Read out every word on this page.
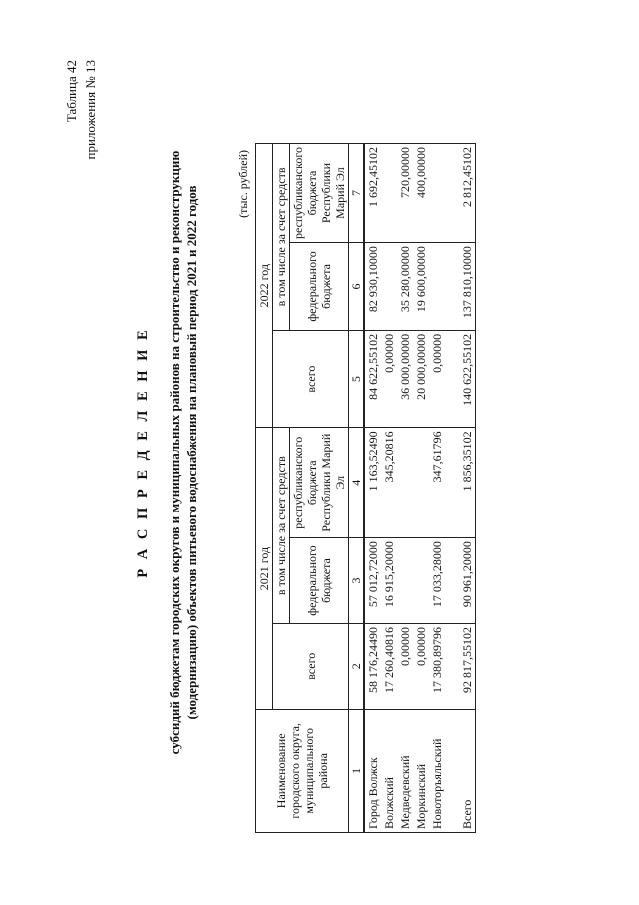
Таблица 42 приложения № 13
Р А С П Р Е Д Е Л Е Н И Е субсидий бюджетам городских округов и муниципальных районов на строительство и реконструкцию (модернизацию) объектов питьевого водоснабжения на плановый период 2021 и 2022 годов
(тыс. рублей)
Наименование городского округа, муниципального района	2021 год			2022 год		
	всего	в том числе за счет средств		всего	в том числе за счет средств	
		федерального бюджета	республиканского бюджета Республики Марий Эл		федерального бюджета	республиканского бюджета Республики Марий Эл
1	2	3	4	5	6	7
Город Волжск	58 176,24490	57 012,72000	1 163,52490	84 622,55102	82 930,10000	1 692,45102
Волжский	17 260,40816	16 915,20000	345,20816	0,00000		
Медведевский	0,00000			36 000,00000	35 280,00000	720,00000
Моркинский	0,00000			20 000,00000	19 600,00000	400,00000
Новоторъяльский	17 380,89796	17 033,28000	347,61796	0,00000		

Всего	92 817,55102	90 961,20000	1 856,35102	140 622,55102	137 810,10000	2 812,45102
